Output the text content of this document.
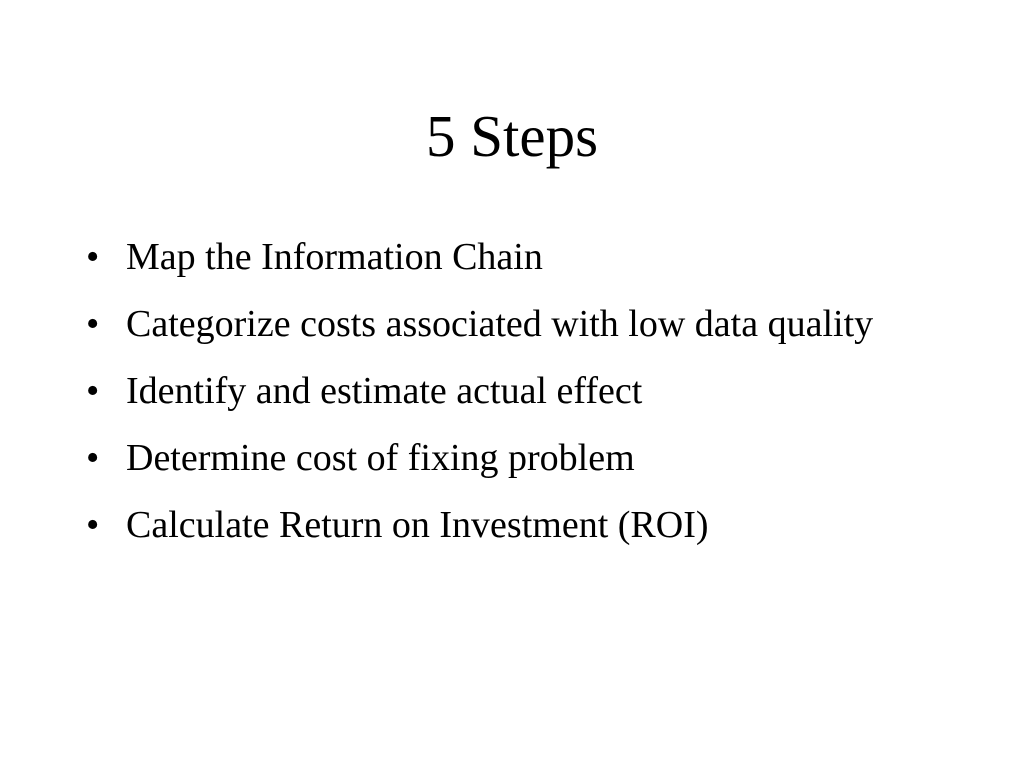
5 Steps
• Map the Information Chain
• Categorize costs associated with low data quality
• Identify and estimate actual effect
• Determine cost of fixing problem
• Calculate Return on Investment (ROI)
